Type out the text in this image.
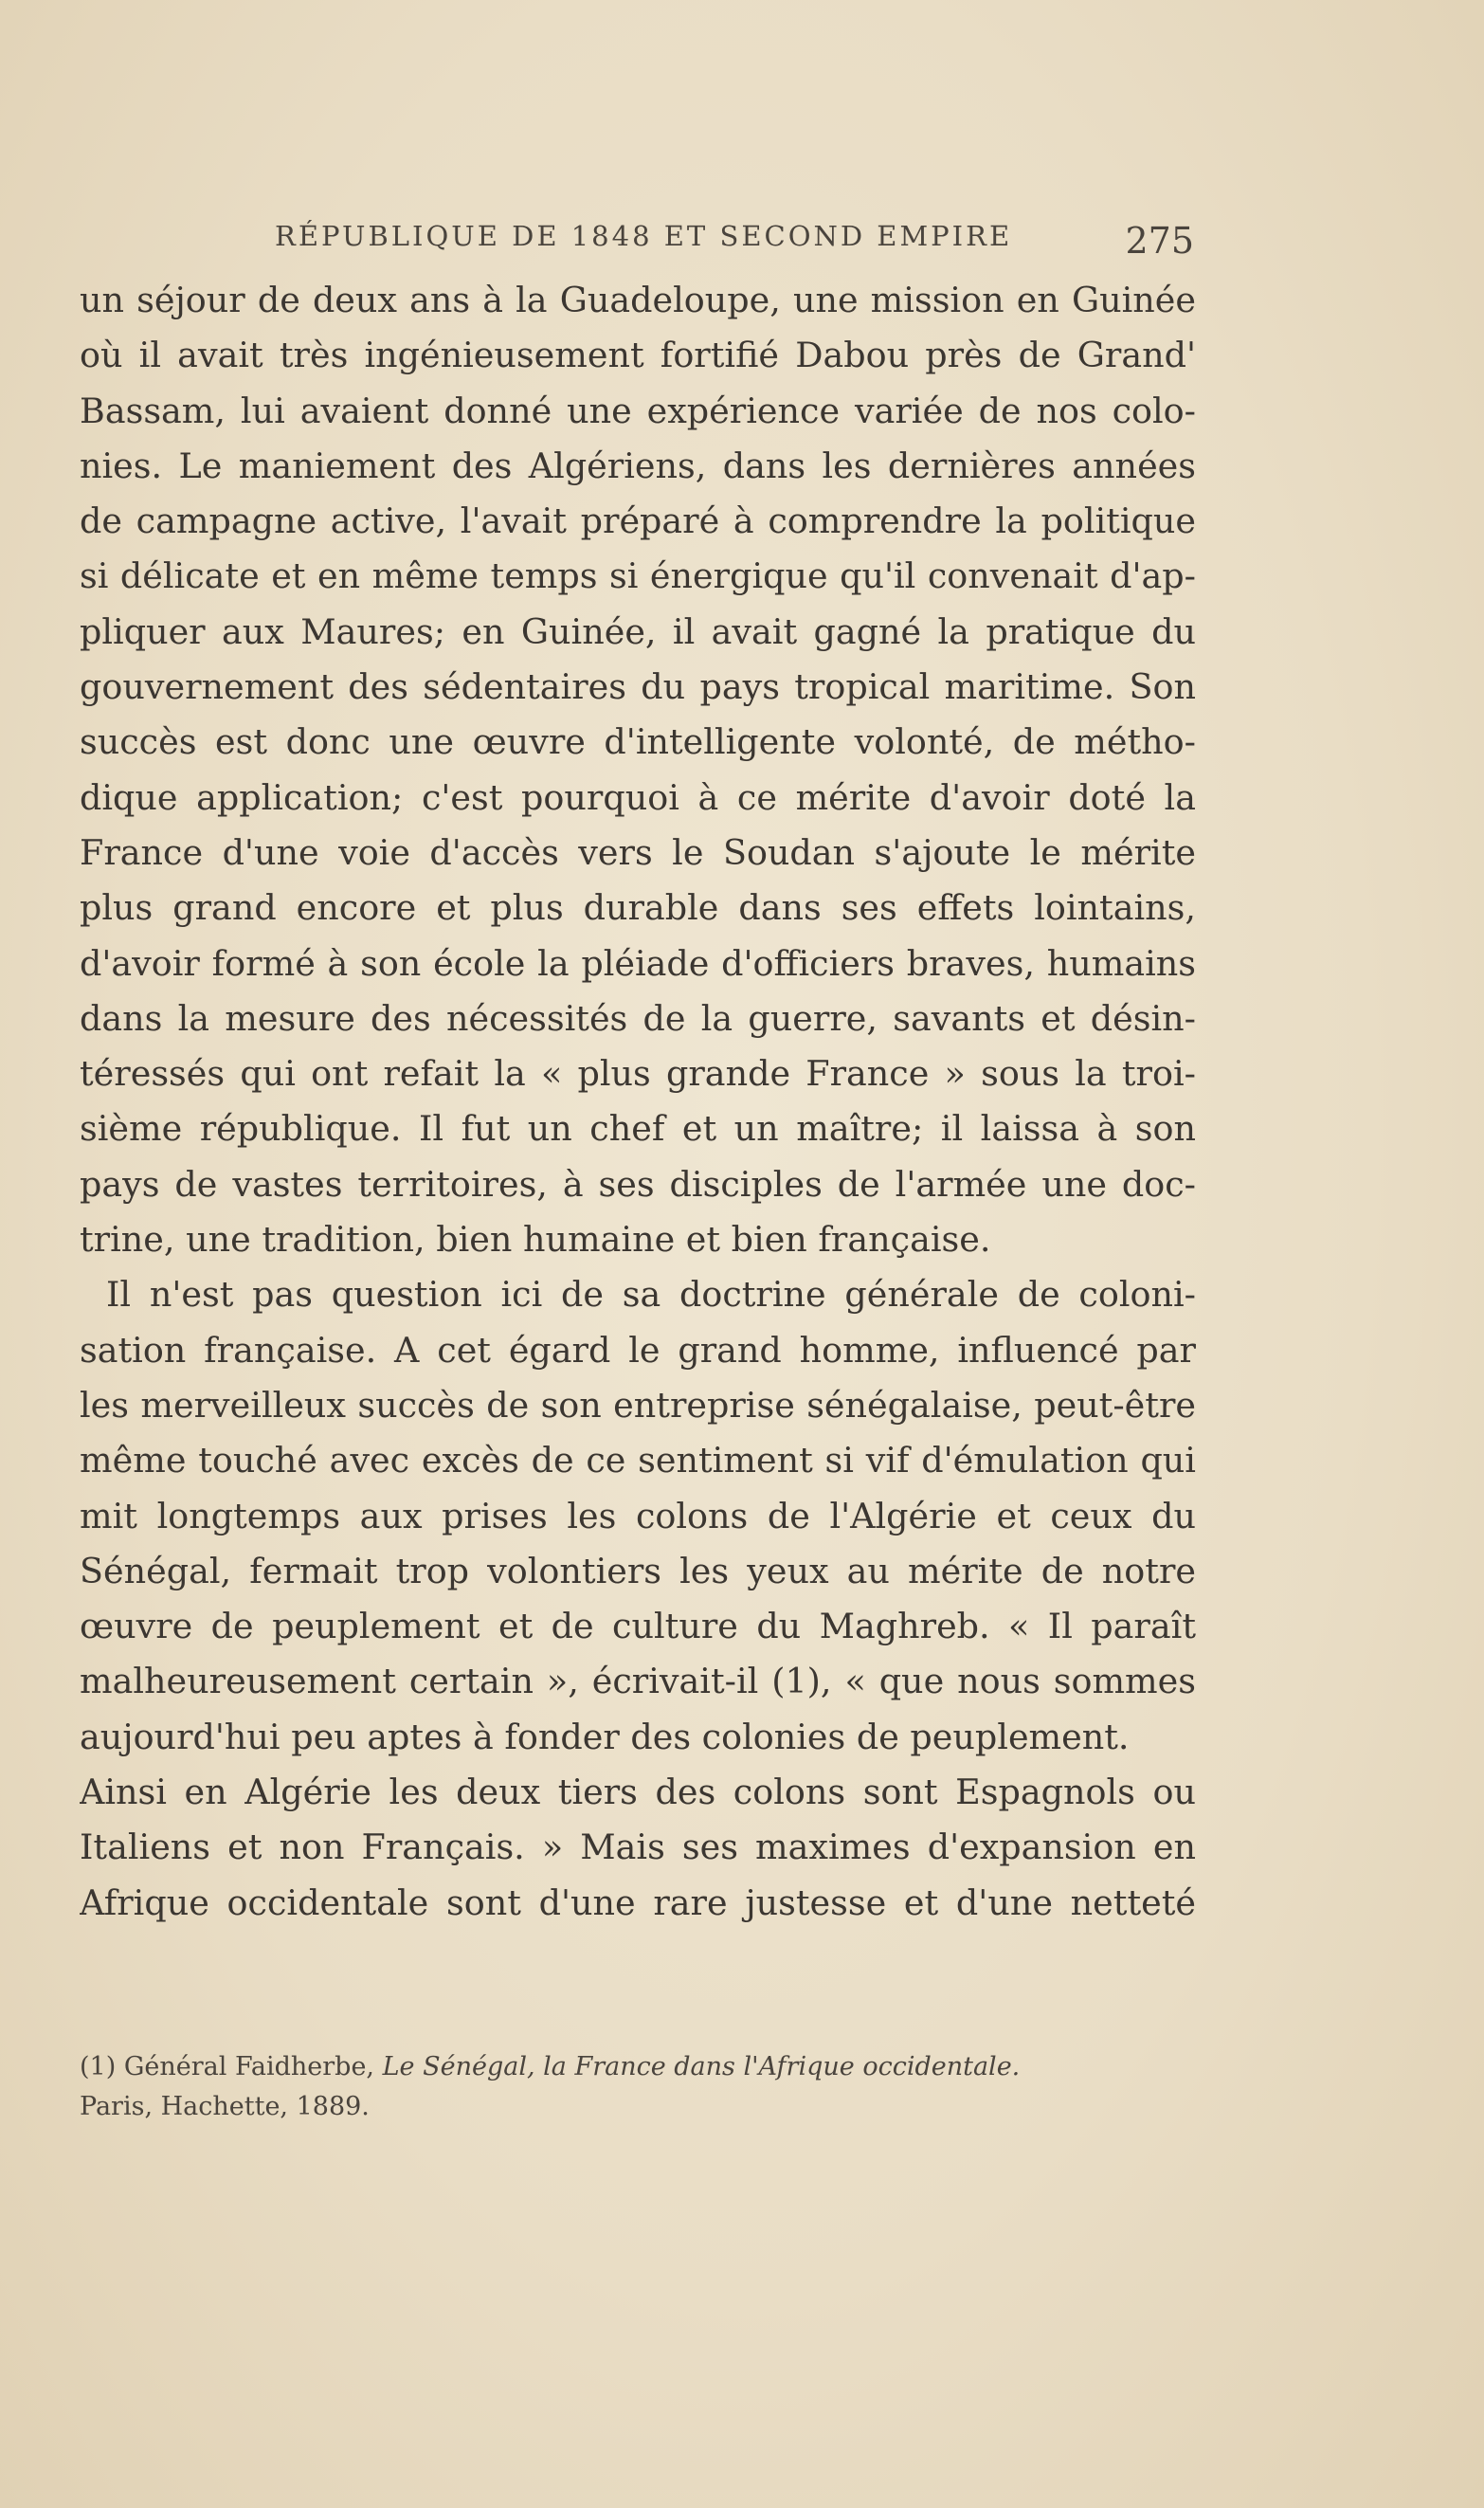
RÉPUBLIQUE DE 1848 ET SECOND EMPIRE	275
un séjour de deux ans à la Guadeloupe, une mission en Guinée
où il avait très ingénieusement fortifié Dabou près de Grand'
Bassam, lui avaient donné une expérience variée de nos colo-
nies. Le maniement des Algériens, dans les dernières années
de campagne active, l'avait préparé à comprendre la politique
si délicate et en même temps si énergique qu'il convenait d'ap-
pliquer aux Maures; en Guinée, il avait gagné la pratique du
gouvernement des sédentaires du pays tropical maritime. Son
succès est donc une œuvre d'intelligente volonté, de métho-
dique application; c'est pourquoi à ce mérite d'avoir doté la
France d'une voie d'accès vers le Soudan s'ajoute le mérite
plus grand encore et plus durable dans ses effets lointains,
d'avoir formé à son école la pléiade d'officiers braves, humains
dans la mesure des nécessités de la guerre, savants et désin-
téressés qui ont refait la « plus grande France » sous la troi-
sième république. Il fut un chef et un maître; il laissa à son
pays de vastes territoires, à ses disciples de l'armée une doc-
trine, une tradition, bien humaine et bien française.
Il n'est pas question ici de sa doctrine générale de coloni-
sation française. A cet égard le grand homme, influencé par
les merveilleux succès de son entreprise sénégalaise, peut-être
même touché avec excès de ce sentiment si vif d'émulation qui
mit longtemps aux prises les colons de l'Algérie et ceux du
Sénégal, fermait trop volontiers les yeux au mérite de notre
œuvre de peuplement et de culture du Maghreb. « Il paraît
malheureusement certain », écrivait-il (1), « que nous sommes
aujourd'hui peu aptes à fonder des colonies de peuplement.
Ainsi en Algérie les deux tiers des colons sont Espagnols ou
Italiens et non Français. » Mais ses maximes d'expansion en
Afrique occidentale sont d'une rare justesse et d'une netteté
(1) Général Faidherbe, Le Sénégal, la France dans l'Afrique occidentale.
Paris, Hachette, 1889.
